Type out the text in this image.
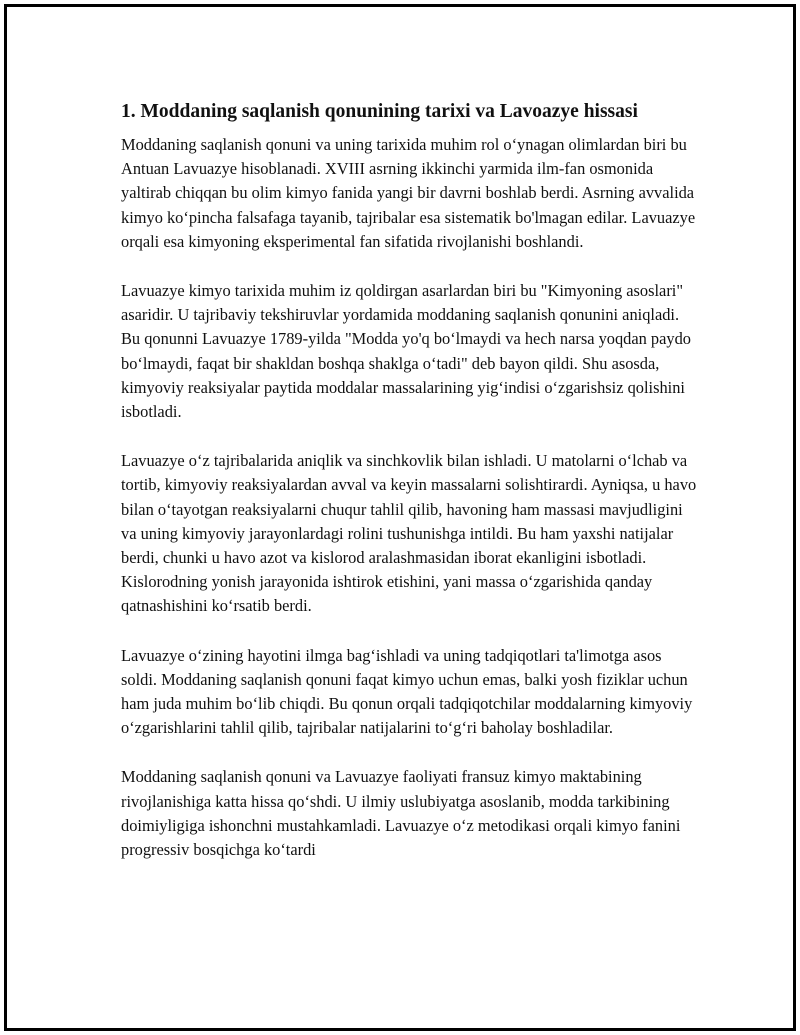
1. Moddaning saqlanish qonunining tarixi va Lavoazye hissasi

Moddaning saqlanish qonuni va uning tarixida muhim rol oʻynagan olimlardan biri bu Antuan Lavuazye hisoblanadi. XVIII asrning ikkinchi yarmida ilm-fan osmonida yaltirab chiqqan bu olim kimyo fanida yangi bir davrni boshlab berdi. Asrning avvalida kimyo koʻpincha falsafaga tayanib, tajribalar esa sistematik bo'lmagan edilar. Lavuazye orqali esa kimyoning eksperimental fan sifatida rivojlanishi boshlandi.

Lavuazye kimyo tarixida muhim iz qoldirgan asarlardan biri bu "Kimyoning asoslari" asaridir. U tajribaviy tekshiruvlar yordamida moddaning saqlanish qonunini aniqladi. Bu qonunni Lavuazye 1789-yilda "Modda yo'q boʻlmaydi va hech narsa yoqdan paydo boʻlmaydi, faqat bir shakldan boshqa shaklga oʻtadi" deb bayon qildi. Shu asosda, kimyoviy reaksiyalar paytida moddalar massalarining yigʻindisi oʻzgarishsiz qolishini isbotladi.

Lavuazye oʻz tajribalarida aniqlik va sinchkovlik bilan ishladi. U matolarni oʻlchab va tortib, kimyoviy reaksiyalardan avval va keyin massalarni solishtirardi. Ayniqsa, u havo bilan oʻtayotgan reaksiyalarni chuqur tahlil qilib, havoning ham massasi mavjudligini va uning kimyoviy jarayonlardagi rolini tushunishga intildi. Bu ham yaxshi natijalar berdi, chunki u havo azot va kislorod aralashmasidan iborat ekanligini isbotladi. Kislorodning yonish jarayonida ishtirok etishini, yani massa oʻzgarishida qanday qatnashishini koʻrsatib berdi.

Lavuazye oʻzining hayotini ilmga bagʻishladi va uning tadqiqotlari ta'limotga asos soldi. Moddaning saqlanish qonuni faqat kimyo uchun emas, balki yosh fiziklar uchun ham juda muhim boʻlib chiqdi. Bu qonun orqali tadqiqotchilar moddalarning kimyoviy oʻzgarishlarini tahlil qilib, tajribalar natijalarini toʻgʻri baholay boshladilar.

Moddaning saqlanish qonuni va Lavuazye faoliyati fransuz kimyo maktabining rivojlanishiga katta hissa qoʻshdi. U ilmiy uslubiyatga asoslanib, modda tarkibining doimiyligiga ishonchni mustahkamladi. Lavuazye oʻz metodikasi orqali kimyo fanini progressiv bosqichga koʻtardi
